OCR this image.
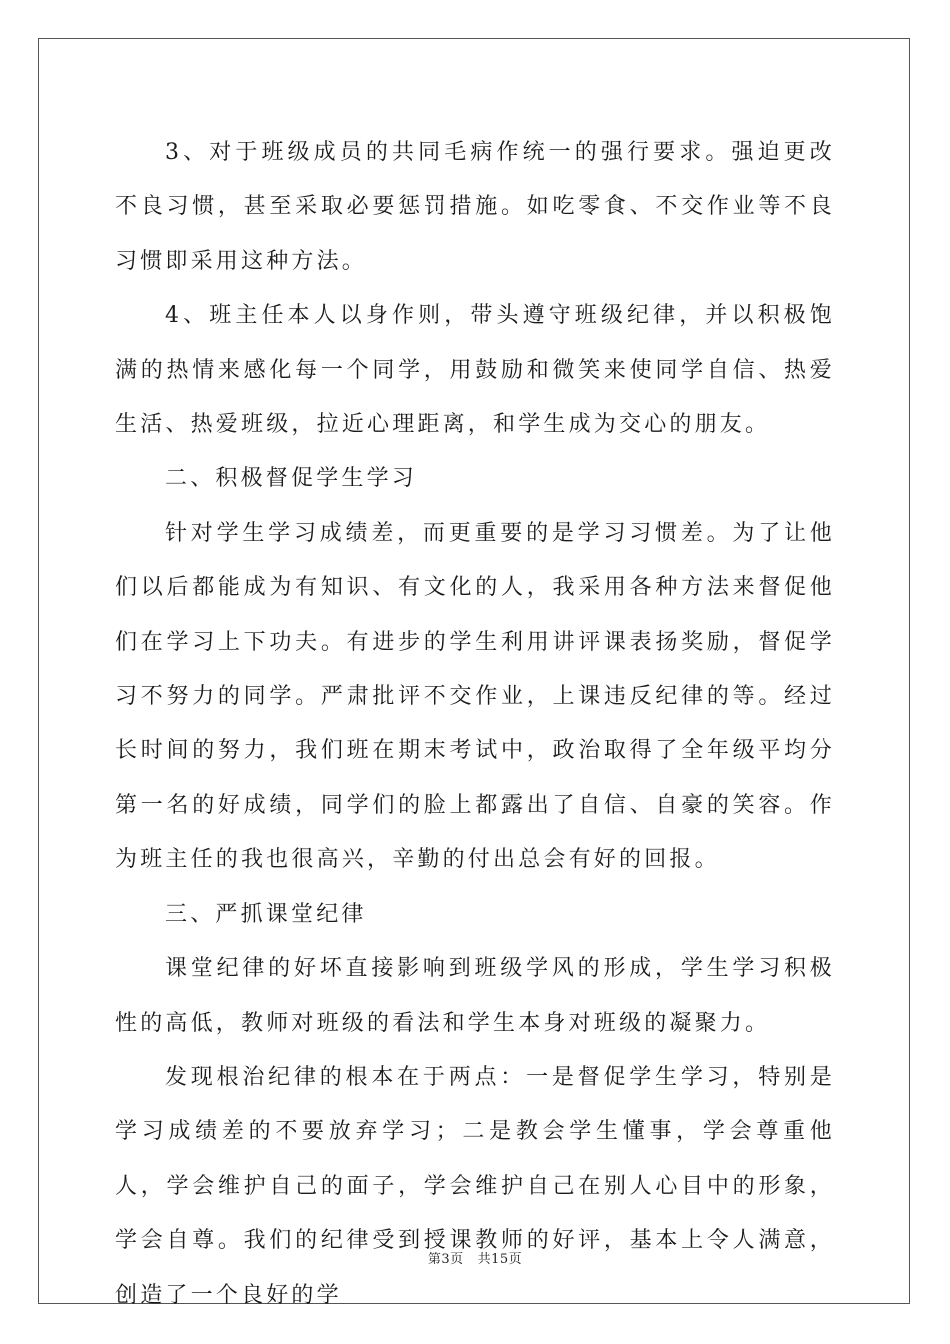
3、对于班级成员的共同毛病作统一的强行要求。强迫更改不良习惯，甚至采取必要惩罚措施。如吃零食、不交作业等不良习惯即采用这种方法。

4、班主任本人以身作则，带头遵守班级纪律，并以积极饱满的热情来感化每一个同学，用鼓励和微笑来使同学自信、热爱生活、热爱班级，拉近心理距离，和学生成为交心的朋友。

二、积极督促学生学习

针对学生学习成绩差，而更重要的是学习习惯差。为了让他们以后都能成为有知识、有文化的人，我采用各种方法来督促他们在学习上下功夫。有进步的学生利用讲评课表扬奖励，督促学习不努力的同学。严肃批评不交作业，上课违反纪律的等。经过长时间的努力，我们班在期末考试中，政治取得了全年级平均分第一名的好成绩，同学们的脸上都露出了自信、自豪的笑容。作为班主任的我也很高兴，辛勤的付出总会有好的回报。

三、严抓课堂纪律

课堂纪律的好坏直接影响到班级学风的形成，学生学习积极性的高低，教师对班级的看法和学生本身对班级的凝聚力。

发现根治纪律的根本在于两点：一是督促学生学习，特别是学习成绩差的不要放弃学习；二是教会学生懂事，学会尊重他人，学会维护自己的面子，学会维护自己在别人心目中的形象，学会自尊。我们的纪律受到授课教师的好评，基本上令人满意，创造了一个良好的学

第3页 共15页
